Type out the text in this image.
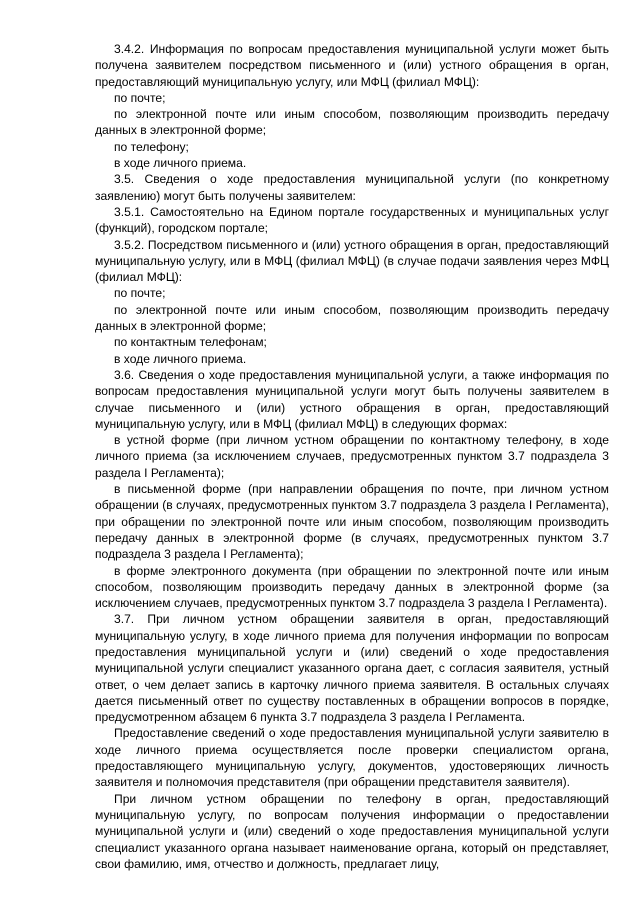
3.4.2. Информация по вопросам предоставления муниципальной услуги может быть получена заявителем посредством письменного и (или) устного обращения в орган, предоставляющий муниципальную услугу, или МФЦ (филиал МФЦ):

по почте;

по электронной почте или иным способом, позволяющим производить передачу данных в электронной форме;

по телефону;

в ходе личного приема.

3.5. Сведения о ходе предоставления муниципальной услуги (по конкретному заявлению) могут быть получены заявителем:

3.5.1. Самостоятельно на Едином портале государственных и муниципальных услуг (функций), городском портале;

3.5.2. Посредством письменного и (или) устного обращения в орган, предоставляющий муниципальную услугу, или в МФЦ (филиал МФЦ) (в случае подачи заявления через МФЦ (филиал МФЦ):

по почте;

по электронной почте или иным способом, позволяющим производить передачу данных в электронной форме;

по контактным телефонам;

в ходе личного приема.

3.6. Сведения о ходе предоставления муниципальной услуги, а также информация по вопросам предоставления муниципальной услуги могут быть получены заявителем в случае письменного и (или) устного обращения в орган, предоставляющий муниципальную услугу, или в МФЦ (филиал МФЦ) в следующих формах:

в устной форме (при личном устном обращении по контактному телефону, в ходе личного приема (за исключением случаев, предусмотренных пунктом 3.7 подраздела 3 раздела I Регламента);

в письменной форме (при направлении обращения по почте, при личном устном обращении (в случаях, предусмотренных пунктом 3.7 подраздела 3 раздела I Регламента), при обращении по электронной почте или иным способом, позволяющим производить передачу данных в электронной форме (в случаях, предусмотренных пунктом 3.7 подраздела 3 раздела I Регламента);

в форме электронного документа (при обращении по электронной почте или иным способом, позволяющим производить передачу данных в электронной форме (за исключением случаев, предусмотренных пунктом 3.7 подраздела 3 раздела I Регламента).

3.7. При личном устном обращении заявителя в орган, предоставляющий муниципальную услугу, в ходе личного приема для получения информации по вопросам предоставления муниципальной услуги и (или) сведений о ходе предоставления муниципальной услуги специалист указанного органа дает, с согласия заявителя, устный ответ, о чем делает запись в карточку личного приема заявителя. В остальных случаях дается письменный ответ по существу поставленных в обращении вопросов в порядке, предусмотренном абзацем 6 пункта 3.7 подраздела 3 раздела I Регламента.

Предоставление сведений о ходе предоставления муниципальной услуги заявителю в ходе личного приема осуществляется после проверки специалистом органа, предоставляющего муниципальную услугу, документов, удостоверяющих личность заявителя и полномочия представителя (при обращении представителя заявителя).

При личном устном обращении по телефону в орган, предоставляющий муниципальную услугу, по вопросам получения информации о предоставлении муниципальной услуги и (или) сведений о ходе предоставления муниципальной услуги специалист указанного органа называет наименование органа, который он представляет, свои фамилию, имя, отчество и должность, предлагает лицу,
